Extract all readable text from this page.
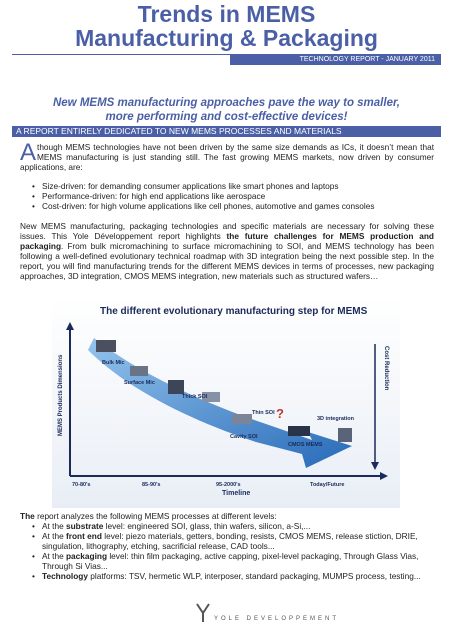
Trends in MEMS
Manufacturing & Packaging
TECHNOLOGY REPORT - JANUARY 2011
New MEMS manufacturing approaches pave the way to smaller,
more performing and cost-effective devices!
A REPORT ENTIRELY DEDICATED TO NEW MEMS PROCESSES AND MATERIALS
Athough MEMS technologies have not been driven by the same size demands as ICs, it doesn’t mean that MEMS manufacturing is just standing still. The fast growing MEMS markets, now driven by consumer applications, are:
• Size-driven: for demanding consumer applications like smart phones and laptops
• Performance-driven: for high end applications like aerospace
• Cost-driven: for high volume applications like cell phones, automotive and games consoles
New MEMS manufacturing, packaging technologies and specific materials are necessary for solving these issues. This Yole Développement report highlights the future challenges for MEMS production and packaging. From bulk micromachining to surface micromachining to SOI, and MEMS technology has been following a well-defined evolutionary technical roadmap with 3D integration being the next possible step. In the report, you will find manufacturing trends for the different MEMS devices in terms of processes, new packaging approaches, 3D integration, CMOS MEMS integration, new materials such as structured wafers…
The different evolutionary manufacturing step for MEMS
MEMS Products Dimensions	Cost Reduction
Bulk Mic
Surface Mic
Thick SOI
Thin SOI
Cavity SOI
CMOS MEMS
3D integration
?
70-80's	85-90's	95-2000's	Today/Future
Timeline
The report analyzes the following MEMS processes at different levels:
• At the substrate level: engineered SOI, glass, thin wafers, silicon, a-Si,...
• At the front end level: piezo materials, getters, bonding, resists, CMOS MEMS, release stiction, DRIE, singulation, lithography, etching, sacrificial release, CAD tools...
• At the packaging level: thin film packaging, active capping, pixel-level packaging, Through Glass Vias, Through Si Vias...
• Technology platforms: TSV, hermetic WLP, interposer, standard packaging, MUMPS process, testing...
YOLE DEVELOPPEMENT
